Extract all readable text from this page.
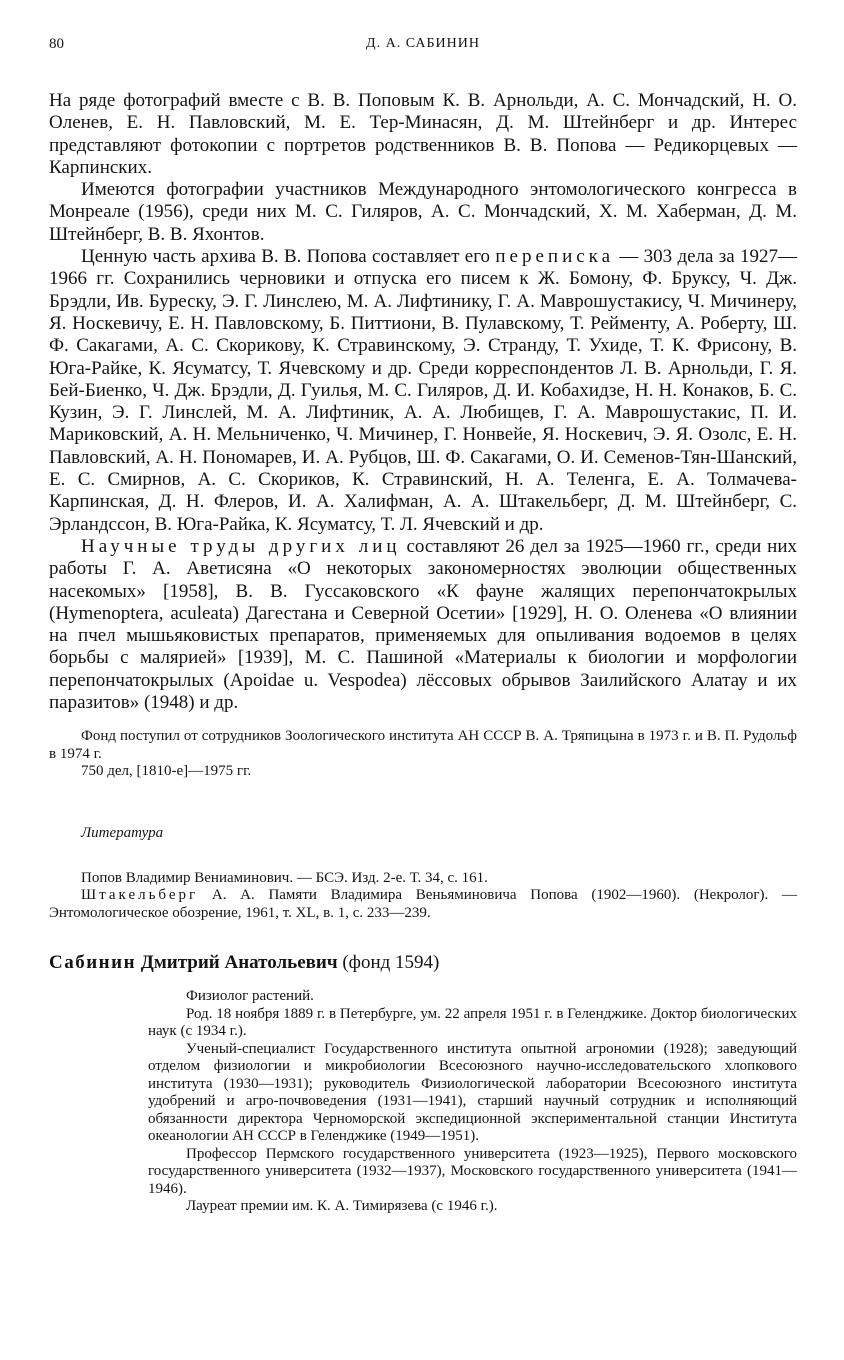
80	Д. А. САБИНИН

На ряде фотографий вместе с В. В. Поповым К. В. Арнольди, А. С. Мончадский, Н. О. Оленев, Е. Н. Павловский, М. Е. Тер-Минасян, Д. М. Штейнберг и др. Интерес представляют фотокопии с портретов родственников В. В. Попова — Редикорцевых — Карпинских.

Имеются фотографии участников Международного энтомологического конгресса в Монреале (1956), среди них М. С. Гиляров, А. С. Мончадский, Х. М. Хаберман, Д. М. Штейнберг, В. В. Яхонтов.

Ценную часть архива В. В. Попова составляет его переписка — 303 дела за 1927—1966 гг. Сохранились черновики и отпуска его писем к Ж. Бомону, Ф. Бруксу, Ч. Дж. Брэдли, Ив. Буреску, Э. Г. Линслею, М. А. Лифтинику, Г. А. Маврошустакису, Ч. Мичинеру, Я. Носкевичу, Е. Н. Павловскому, Б. Питтиони, В. Пулавскому, Т. Рейменту, А. Роберту, Ш. Ф. Сакагами, А. С. Скорикову, К. Стравинскому, Э. Странду, Т. Ухиде, Т. К. Фрисону, В. Юга-Райке, К. Ясуматсу, Т. Ячевскому и др. Среди корреспондентов Л. В. Арнольди, Г. Я. Бей-Биенко, Ч. Дж. Брэдли, Д. Гуилья, М. С. Гиляров, Д. И. Кобахидзе, Н. Н. Конаков, Б. С. Кузин, Э. Г. Линслей, М. А. Лифтиник, А. А. Любищев, Г. А. Маврошустакис, П. И. Мариковский, А. Н. Мельниченко, Ч. Мичинер, Г. Нонвейе, Я. Носкевич, Э. Я. Озолс, Е. Н. Павловский, А. Н. Пономарев, И. А. Рубцов, Ш. Ф. Сакагами, О. И. Семенов-Тян-Шанский, Е. С. Смирнов, А. С. Скориков, К. Стравинский, Н. А. Теленга, Е. А. Толмачева-Карпинская, Д. Н. Флеров, И. А. Халифман, А. А. Штакельберг, Д. М. Штейнберг, С. Эрландссон, В. Юга-Райка, К. Ясуматсу, Т. Л. Ячевский и др.

Научные труды других лиц составляют 26 дел за 1925—1960 гг., среди них работы Г. А. Аветисяна «О некоторых закономерностях эволюции общественных насекомых» [1958], В. В. Гуссаковского «К фауне жалящих перепончатокрылых (Hymenoptera, aculeata) Дагестана и Северной Осетии» [1929], Н. О. Оленева «О влиянии на пчел мышьяковистых препаратов, применяемых для опыливания водоемов в целях борьбы с малярией» [1939], М. С. Пашиной «Материалы к биологии и морфологии перепончатокрылых (Apoidae u. Vespodea) лёссовых обрывов Заилийского Алатау и их паразитов» (1948) и др.

Фонд поступил от сотрудников Зоологического института АН СССР В. А. Тряпицына в 1973 г. и В. П. Рудольф в 1974 г.

750 дел, [1810-е]—1975 гг.

Литература

Попов Владимир Вениаминович. — БСЭ. Изд. 2-е. Т. 34, с. 161.

Штакельберг А. А. Памяти Владимира Веньяминовича Попова (1902—1960). (Некролог). — Энтомологическое обозрение, 1961, т. XL, в. 1, с. 233—239.

Сабинин Дмитрий Анатольевич (фонд 1594)

Физиолог растений.

Род. 18 ноября 1889 г. в Петербурге, ум. 22 апреля 1951 г. в Геленджике. Доктор биологических наук (с 1934 г.).

Ученый-специалист Государственного института опытной агрономии (1928); заведующий отделом физиологии и микробиологии Всесоюзного научно-исследовательского хлопкового института (1930—1931); руководитель Физиологической лаборатории Всесоюзного института удобрений и агро-почвоведения (1931—1941), старший научный сотрудник и исполняющий обязанности директора Черноморской экспедиционной экспериментальной станции Института океанологии АН СССР в Геленджике (1949—1951).

Профессор Пермского государственного университета (1923—1925), Первого московского государственного университета (1932—1937), Московского государственного университета (1941—1946).

Лауреат премии им. К. А. Тимирязева (с 1946 г.).
